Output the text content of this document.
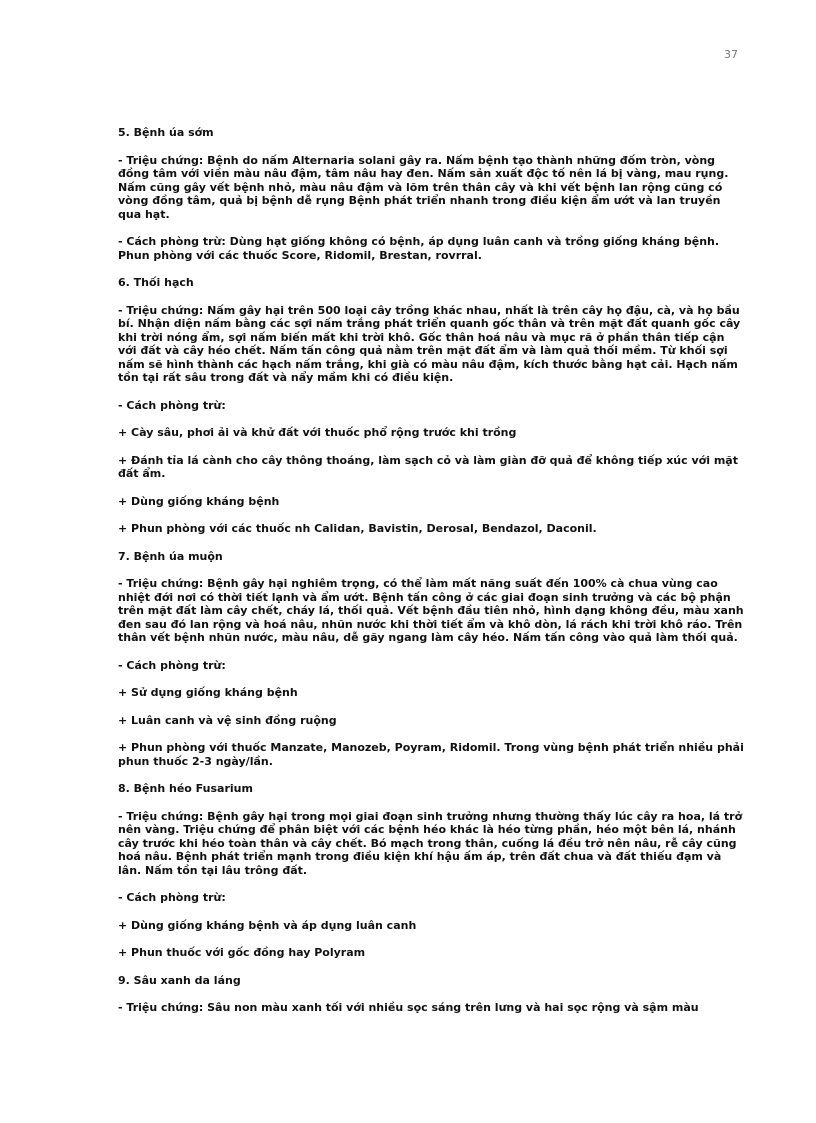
37

5. Bệnh úa sớm

- Triệu chứng: Bệnh do nấm Alternaria solani gây ra. Nấm bệnh tạo thành những đốm tròn, vòng đồng tâm với viền màu nâu đậm, tâm nâu hay đen. Nấm sản xuất độc tố nên lá bị vàng, mau rụng. Nấm cũng gây vết bệnh nhỏ, màu nâu đậm và lõm trên thân cây và khi vết bệnh lan rộng cũng có vòng đồng tâm, quả bị bệnh dễ rụng Bệnh phát triển nhanh trong điều kiện ẩm ướt và lan truyền qua hạt.

- Cách phòng trừ: Dùng hạt giống không có bệnh, áp dụng luân canh và trồng giống kháng bệnh. Phun phòng với các thuốc Score, Ridomil, Brestan, rovrral.

6. Thối hạch

- Triệu chứng: Nấm gây hại trên 500 loại cây trồng khác nhau, nhất là trên cây họ đậu, cà, và họ bầu bí. Nhận diện nấm bằng các sợi nấm trắng phát triển quanh gốc thân và trên mặt đất quanh gốc cây khi trời nóng ẩm, sợi nấm biến mất khi trời khô. Gốc thân hoá nâu và mục rã ở phần thân tiếp cận với đất và cây héo chết. Nấm tấn công quả nằm trên mặt đất ẩm và làm quả thối mềm. Từ khối sợi nấm sẽ hình thành các hạch nấm trắng, khi già có màu nâu đậm, kích thước bằng hạt cải. Hạch nấm tồn tại rất sâu trong đất và nẩy mầm khi có điều kiện.

- Cách phòng trừ:

+ Cày sâu, phơi ải và khử đất với thuốc phổ rộng trước khi trồng

+ Đánh tỉa lá cành cho cây thông thoáng, làm sạch cỏ và làm giàn đỡ quả để không tiếp xúc với mặt đất ẩm.

+ Dùng giống kháng bệnh

+ Phun phòng với các thuốc nh Calidan, Bavistin, Derosal, Bendazol, Daconil.

7. Bệnh úa muộn

- Triệu chứng: Bệnh gây hại nghiêm trọng, có thể làm mất năng suất đến 100% cà chua vùng cao nhiệt đới nơi có thời tiết lạnh và ẩm ướt. Bệnh tấn công ở các giai đoạn sinh trưởng và các bộ phận trên mặt đất làm cây chết, cháy lá, thối quả. Vết bệnh đầu tiên nhỏ, hình dạng không đều, màu xanh đen sau đó lan rộng và hoá nâu, nhũn nước khi thời tiết ẩm và khô dòn, lá rách khi trời khô ráo. Trên thân vết bệnh nhũn nước, màu nâu, dễ gãy ngang làm cây héo. Nấm tấn công vào quả làm thối quả.

- Cách phòng trừ:

+ Sử dụng giống kháng bệnh

+ Luân canh và vệ sinh đồng ruộng

+ Phun phòng với thuốc Manzate, Manozeb, Poyram, Ridomil. Trong vùng bệnh phát triển nhiều phải phun thuốc 2-3 ngày/lần.

8. Bệnh héo Fusarium

- Triệu chứng: Bệnh gây hại trong mọi giai đoạn sinh trưởng nhưng thường thấy lúc cây ra hoa, lá trở nên vàng. Triệu chứng để phân biệt với các bệnh héo khác là héo từng phần, héo một bên lá, nhánh cây trước khi héo toàn thân và cây chết. Bó mạch trong thân, cuống lá đều trở nên nâu, rễ cây cũng hoá nâu. Bệnh phát triển mạnh trong điều kiện khí hậu ấm áp, trên đất chua và đất thiếu đạm và lân. Nấm tồn tại lâu trông đất.

- Cách phòng trừ:

+ Dùng giống kháng bệnh và áp dụng luân canh

+ Phun thuốc với gốc đồng hay Polyram

9. Sâu xanh da láng

- Triệu chứng: Sâu non màu xanh tối với nhiều sọc sáng trên lưng và hai sọc rộng và sậm màu
